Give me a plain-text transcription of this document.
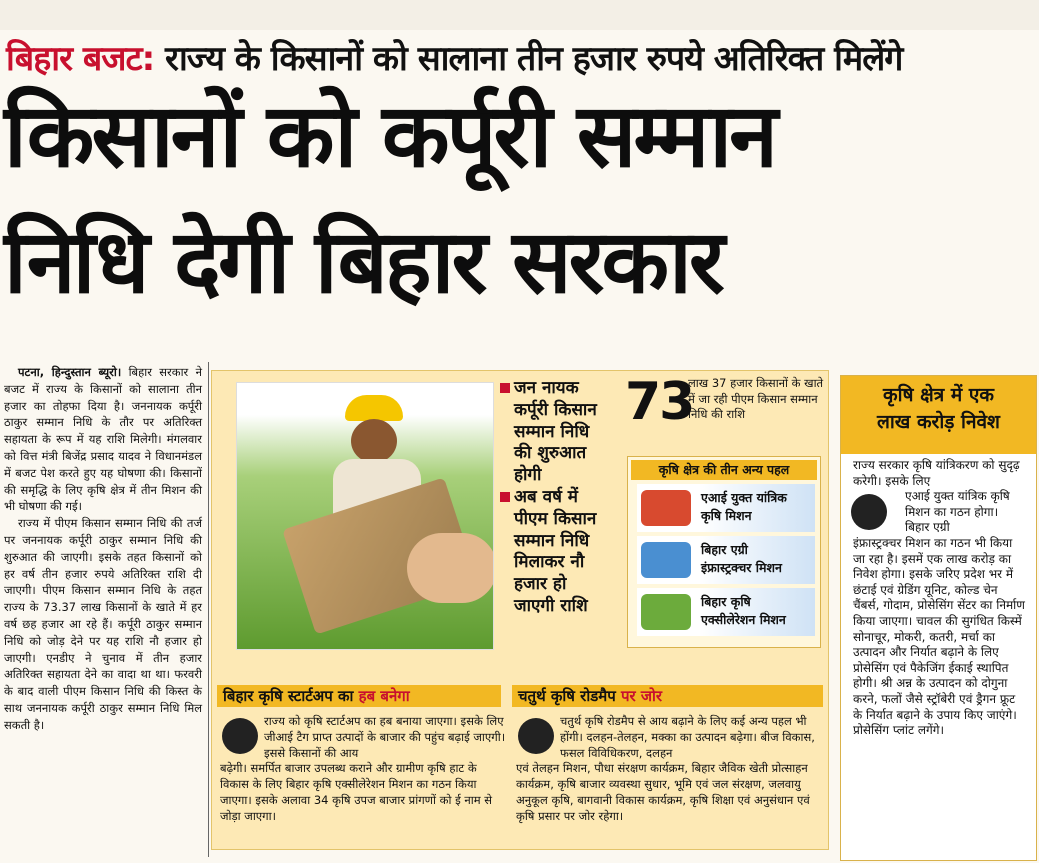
बिहार बजट: राज्य के किसानों को सालाना तीन हजार रुपये अतिरिक्त मिलेंगे
किसानों को कर्पूरी सम्मान
निधि देगी बिहार सरकार

पटना, हिन्दुस्तान ब्यूरो। बिहार सरकार ने बजट में राज्य के किसानों को सालाना तीन हजार का तोहफा दिया है। जननायक कर्पूरी ठाकुर सम्मान निधि के तौर पर अतिरिक्त सहायता के रूप में यह राशि मिलेगी। मंगलवार को वित्त मंत्री बिजेंद्र प्रसाद यादव ने विधानमंडल में बजट पेश करते हुए यह घोषणा की। किसानों की समृद्धि के लिए कृषि क्षेत्र में तीन मिशन की भी घोषणा की गई।

राज्य में पीएम किसान सम्मान निधि की तर्ज पर जननायक कर्पूरी ठाकुर सम्मान निधि की शुरुआत की जाएगी। इसके तहत किसानों को हर वर्ष तीन हजार रुपये अतिरिक्त राशि दी जाएगी। पीएम किसान सम्मान निधि के तहत राज्य के 73.37 लाख किसानों के खाते में हर वर्ष छह हजार आ रहे हैं। कर्पूरी ठाकुर सम्मान निधि को जोड़ देने पर यह राशि नौ हजार हो जाएगी। एनडीए ने चुनाव में तीन हजार अतिरिक्त सहायता देने का वादा था था। फरवरी के बाद वाली पीएम किसान निधि की किस्त के साथ जननायक कर्पूरी ठाकुर सम्मान निधि मिल सकती है।

जन नायक
कर्पूरी किसान
सम्मान निधि
की शुरुआत
होगी
अब वर्ष में
पीएम किसान
सम्मान निधि
मिलाकर नौ
हजार हो
जाएगी राशि
73
लाख 37 हजार किसानों के खाते में जा रही पीएम किसान सम्मान निधि की राशि
कृषि क्षेत्र की तीन अन्य पहल
एआई युक्त यांत्रिक
कृषि मिशन
बिहार एग्री
इंफ्रास्ट्रक्चर मिशन
बिहार कृषि
एक्सीलेरेशन मिशन
बिहार कृषि स्टार्टअप का हब बनेगा

राज्य को कृषि स्टार्टअप का हब बनाया जाएगा। इसके लिए जीआई टैग प्राप्त उत्पादों के बाजार की पहुंच बढ़ाई जाएगी। इससे किसानों की आय

बढ़ेगी। समर्पित बाजार उपलब्ध कराने और ग्रामीण कृषि हाट के विकास के लिए बिहार कृषि एक्सीलेरेशन मिशन का गठन किया जाएगा। इसके अलावा 34 कृषि उपज बाजार प्रांगणों को ई नाम से जोड़ा जाएगा।

चतुर्थ कृषि रोडमैप पर जोर

चतुर्थ कृषि रोडमैप से आय बढ़ाने के लिए कई अन्य पहल भी होंगी। दलहन-तेलहन, मक्का का उत्पादन बढ़ेगा। बीज विकास, फसल विविधिकरण, दलहन

एवं तेलहन मिशन, पौधा संरक्षण कार्यक्रम, बिहार जैविक खेती प्रोत्साहन कार्यक्रम, कृषि बाजार व्यवस्था सुधार, भूमि एवं जल संरक्षण, जलवायु अनुकूल कृषि, बागवानी विकास कार्यक्रम, कृषि शिक्षा एवं अनुसंधान एवं कृषि प्रसार पर जोर रहेगा।

कृषि क्षेत्र में एक
लाख करोड़ निवेश

राज्य सरकार कृषि यांत्रिकरण को सुदृढ़ करेगी। इसके लिए

एआई युक्त यांत्रिक कृषि मिशन का गठन होगा। बिहार एग्री

इंफ्रास्ट्रक्चर मिशन का गठन भी किया जा रहा है। इसमें एक लाख करोड़ का निवेश होगा। इसके जरिए प्रदेश भर में छंटाई एवं ग्रेडिंग यूनिट, कोल्ड चेन चैंबर्स, गोदाम, प्रोसेसिंग सेंटर का निर्माण किया जाएगा। चावल की सुगंधित किस्में सोनाचूर, मोकरी, कतरी, मर्चा का उत्पादन और निर्यात बढ़ाने के लिए प्रोसेसिंग एवं पैकेजिंग ईकाई स्थापित होगी। श्री अन्न के उत्पादन को दोगुना करने, फलों जैसे स्ट्रॉबेरी एवं ड्रैगन फ्रूट के निर्यात बढ़ाने के उपाय किए जाएंगे। प्रोसेसिंग प्लांट लगेंगे।
